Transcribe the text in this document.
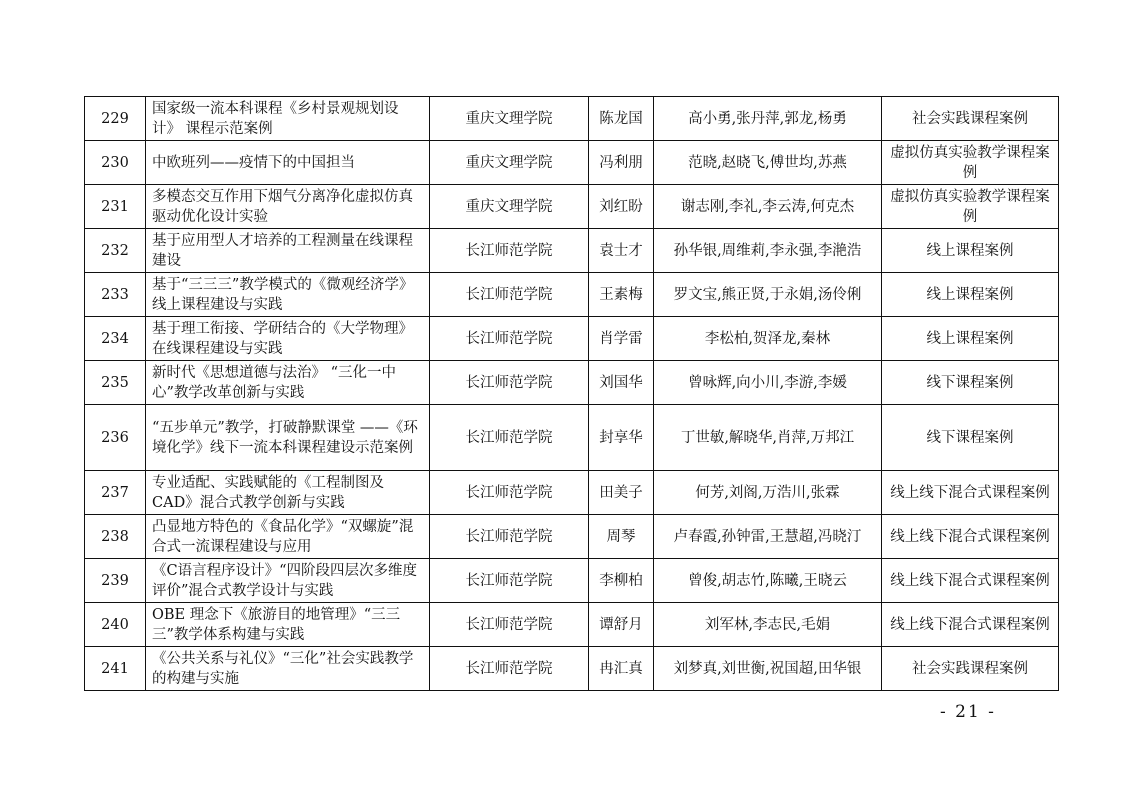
229	国家级一流本科课程《乡村景观规划设计》 课程示范案例	重庆文理学院	陈龙国	高小勇,张丹萍,郭龙,杨勇	社会实践课程案例
230	中欧班列——疫情下的中国担当	重庆文理学院	冯利朋	范晓,赵晓飞,傅世均,苏燕	虚拟仿真实验教学课程案例
231	多模态交互作用下烟气分离净化虚拟仿真驱动优化设计实验	重庆文理学院	刘红盼	谢志刚,李礼,李云涛,何克杰	虚拟仿真实验教学课程案例
232	基于应用型人才培养的工程测量在线课程建设	长江师范学院	袁士才	孙华银,周维莉,李永强,李滟浩	线上课程案例
233	基于“三三三”教学模式的《微观经济学》线上课程建设与实践	长江师范学院	王素梅	罗文宝,熊正贤,于永娟,汤伶俐	线上课程案例
234	基于理工衔接、学研结合的《大学物理》在线课程建设与实践	长江师范学院	肖学雷	李松柏,贺泽龙,秦林	线上课程案例
235	新时代《思想道德与法治》 “三化一中心”教学改革创新与实践	长江师范学院	刘国华	曾咏辉,向小川,李游,李媛	线下课程案例
236	“五步单元”教学，打破静默课堂 ——《环境化学》线下一流本科课程建设示范案例	长江师范学院	封享华	丁世敏,解晓华,肖萍,万邦江	线下课程案例
237	专业适配、实践赋能的《工程制图及CAD》混合式教学创新与实践	长江师范学院	田美子	何芳,刘阁,万浩川,张霖	线上线下混合式课程案例
238	凸显地方特色的《食品化学》“双螺旋”混合式一流课程建设与应用	长江师范学院	周琴	卢春霞,孙钟雷,王慧超,冯晓汀	线上线下混合式课程案例
239	《C语言程序设计》“四阶段四层次多维度评价”混合式教学设计与实践	长江师范学院	李柳柏	曾俊,胡志竹,陈曦,王晓云	线上线下混合式课程案例
240	OBE 理念下《旅游目的地管理》“三三三”教学体系构建与实践	长江师范学院	谭舒月	刘军林,李志民,毛娟	线上线下混合式课程案例
241	《公共关系与礼仪》“三化”社会实践教学的构建与实施	长江师范学院	冉汇真	刘梦真,刘世衡,祝国超,田华银	社会实践课程案例
- 21 -
